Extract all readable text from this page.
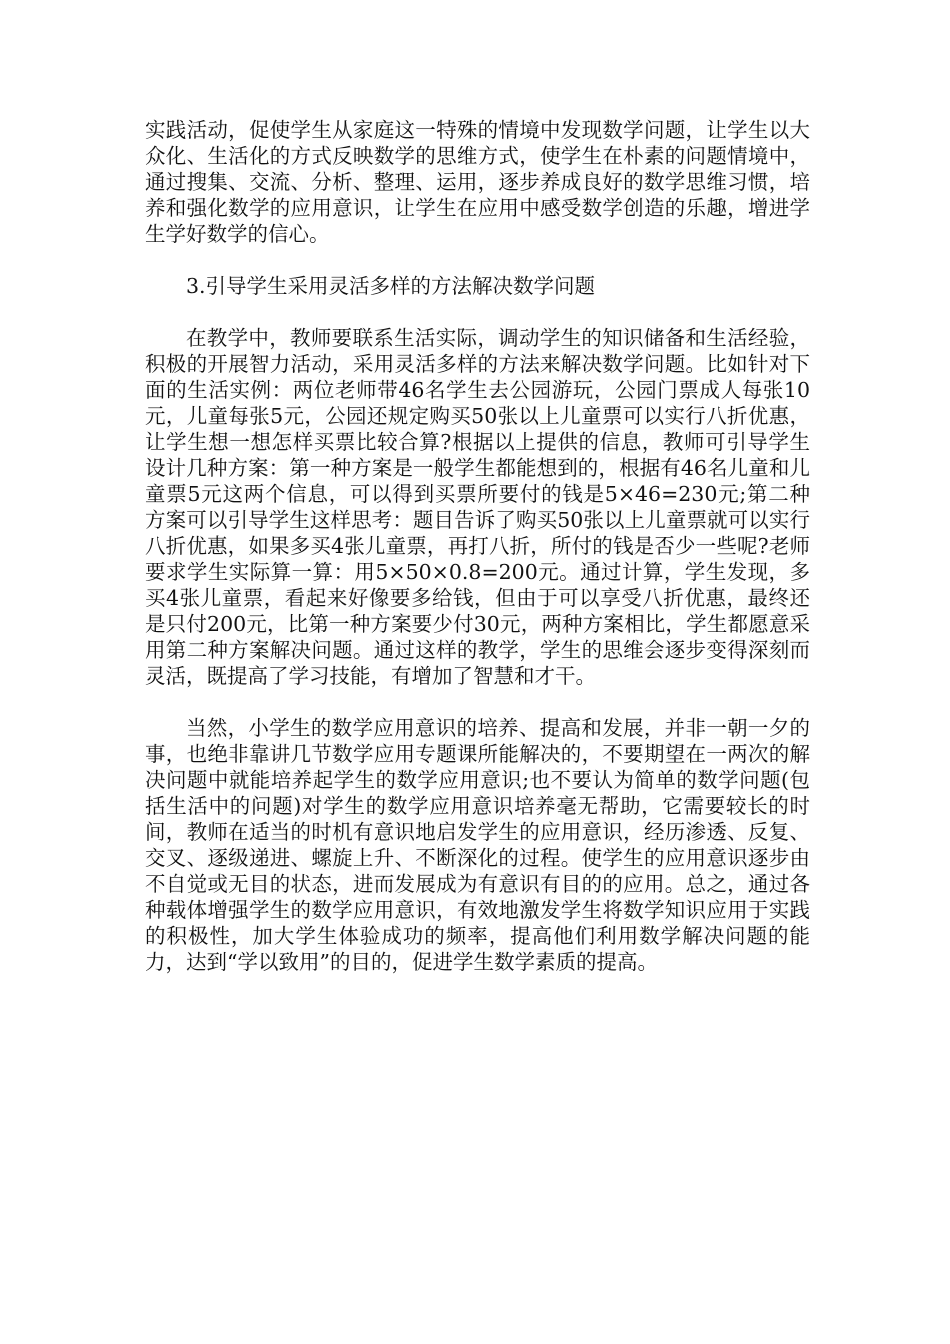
实践活动，促使学生从家庭这一特殊的情境中发现数学问题，让学生以大众化、生活化的方式反映数学的思维方式，使学生在朴素的问题情境中，通过搜集、交流、分析、整理、运用，逐步养成良好的数学思维习惯，培养和强化数学的应用意识，让学生在应用中感受数学创造的乐趣，增进学生学好数学的信心。

3.引导学生采用灵活多样的方法解决数学问题

在教学中，教师要联系生活实际，调动学生的知识储备和生活经验，积极的开展智力活动，采用灵活多样的方法来解决数学问题。比如针对下面的生活实例：两位老师带46名学生去公园游玩，公园门票成人每张10元，儿童每张5元，公园还规定购买50张以上儿童票可以实行八折优惠，让学生想一想怎样买票比较合算?根据以上提供的信息，教师可引导学生设计几种方案：第一种方案是一般学生都能想到的，根据有46名儿童和儿童票5元这两个信息，可以得到买票所要付的钱是5×46=230元;第二种方案可以引导学生这样思考：题目告诉了购买50张以上儿童票就可以实行八折优惠，如果多买4张儿童票，再打八折，所付的钱是否少一些呢?老师要求学生实际算一算：用5×50×0.8=200元。通过计算，学生发现，多买4张儿童票，看起来好像要多给钱，但由于可以享受八折优惠，最终还是只付200元，比第一种方案要少付30元，两种方案相比，学生都愿意采用第二种方案解决问题。通过这样的教学，学生的思维会逐步变得深刻而灵活，既提高了学习技能，有增加了智慧和才干。

当然，小学生的数学应用意识的培养、提高和发展，并非一朝一夕的事，也绝非靠讲几节数学应用专题课所能解决的，不要期望在一两次的解决问题中就能培养起学生的数学应用意识;也不要认为简单的数学问题(包括生活中的问题)对学生的数学应用意识培养毫无帮助，它需要较长的时间，教师在适当的时机有意识地启发学生的应用意识，经历渗透、反复、交叉、逐级递进、螺旋上升、不断深化的过程。使学生的应用意识逐步由不自觉或无目的状态，进而发展成为有意识有目的的应用。总之，通过各种载体增强学生的数学应用意识，有效地激发学生将数学知识应用于实践的积极性，加大学生体验成功的频率，提高他们利用数学解决问题的能力，达到“学以致用”的目的，促进学生数学素质的提高。
